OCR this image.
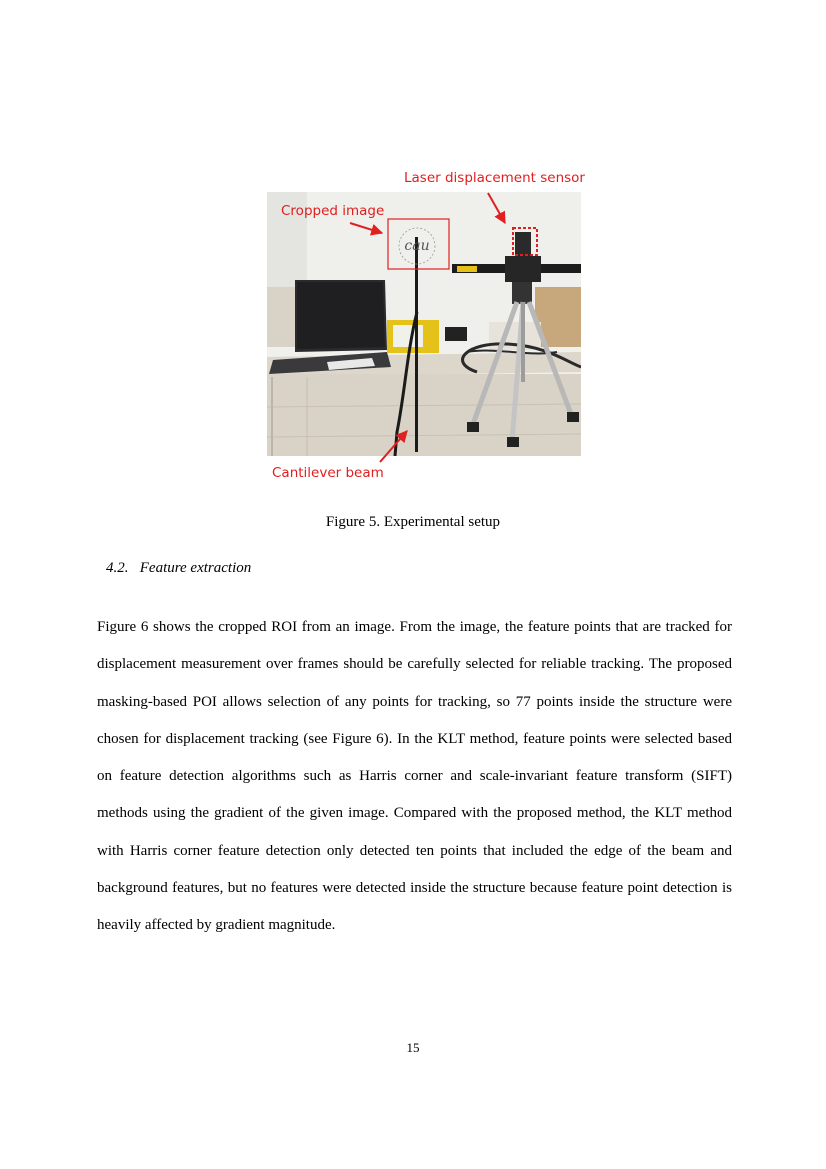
cau
Laser displacement sensor
Cropped image
Cantilever beam
Figure 5. Experimental setup
4.2. Feature extraction
Figure 6 shows the cropped ROI from an image. From the image, the feature points that are tracked for displacement measurement over frames should be carefully selected for reliable tracking. The proposed masking-based POI allows selection of any points for tracking, so 77 points inside the structure were chosen for displacement tracking (see Figure 6). In the KLT method, feature points were selected based on feature detection algorithms such as Harris corner and scale-invariant feature transform (SIFT) methods using the gradient of the given image. Compared with the proposed method, the KLT method with Harris corner feature detection only detected ten points that included the edge of the beam and background features, but no features were detected inside the structure because feature point detection is heavily affected by gradient magnitude.
15
